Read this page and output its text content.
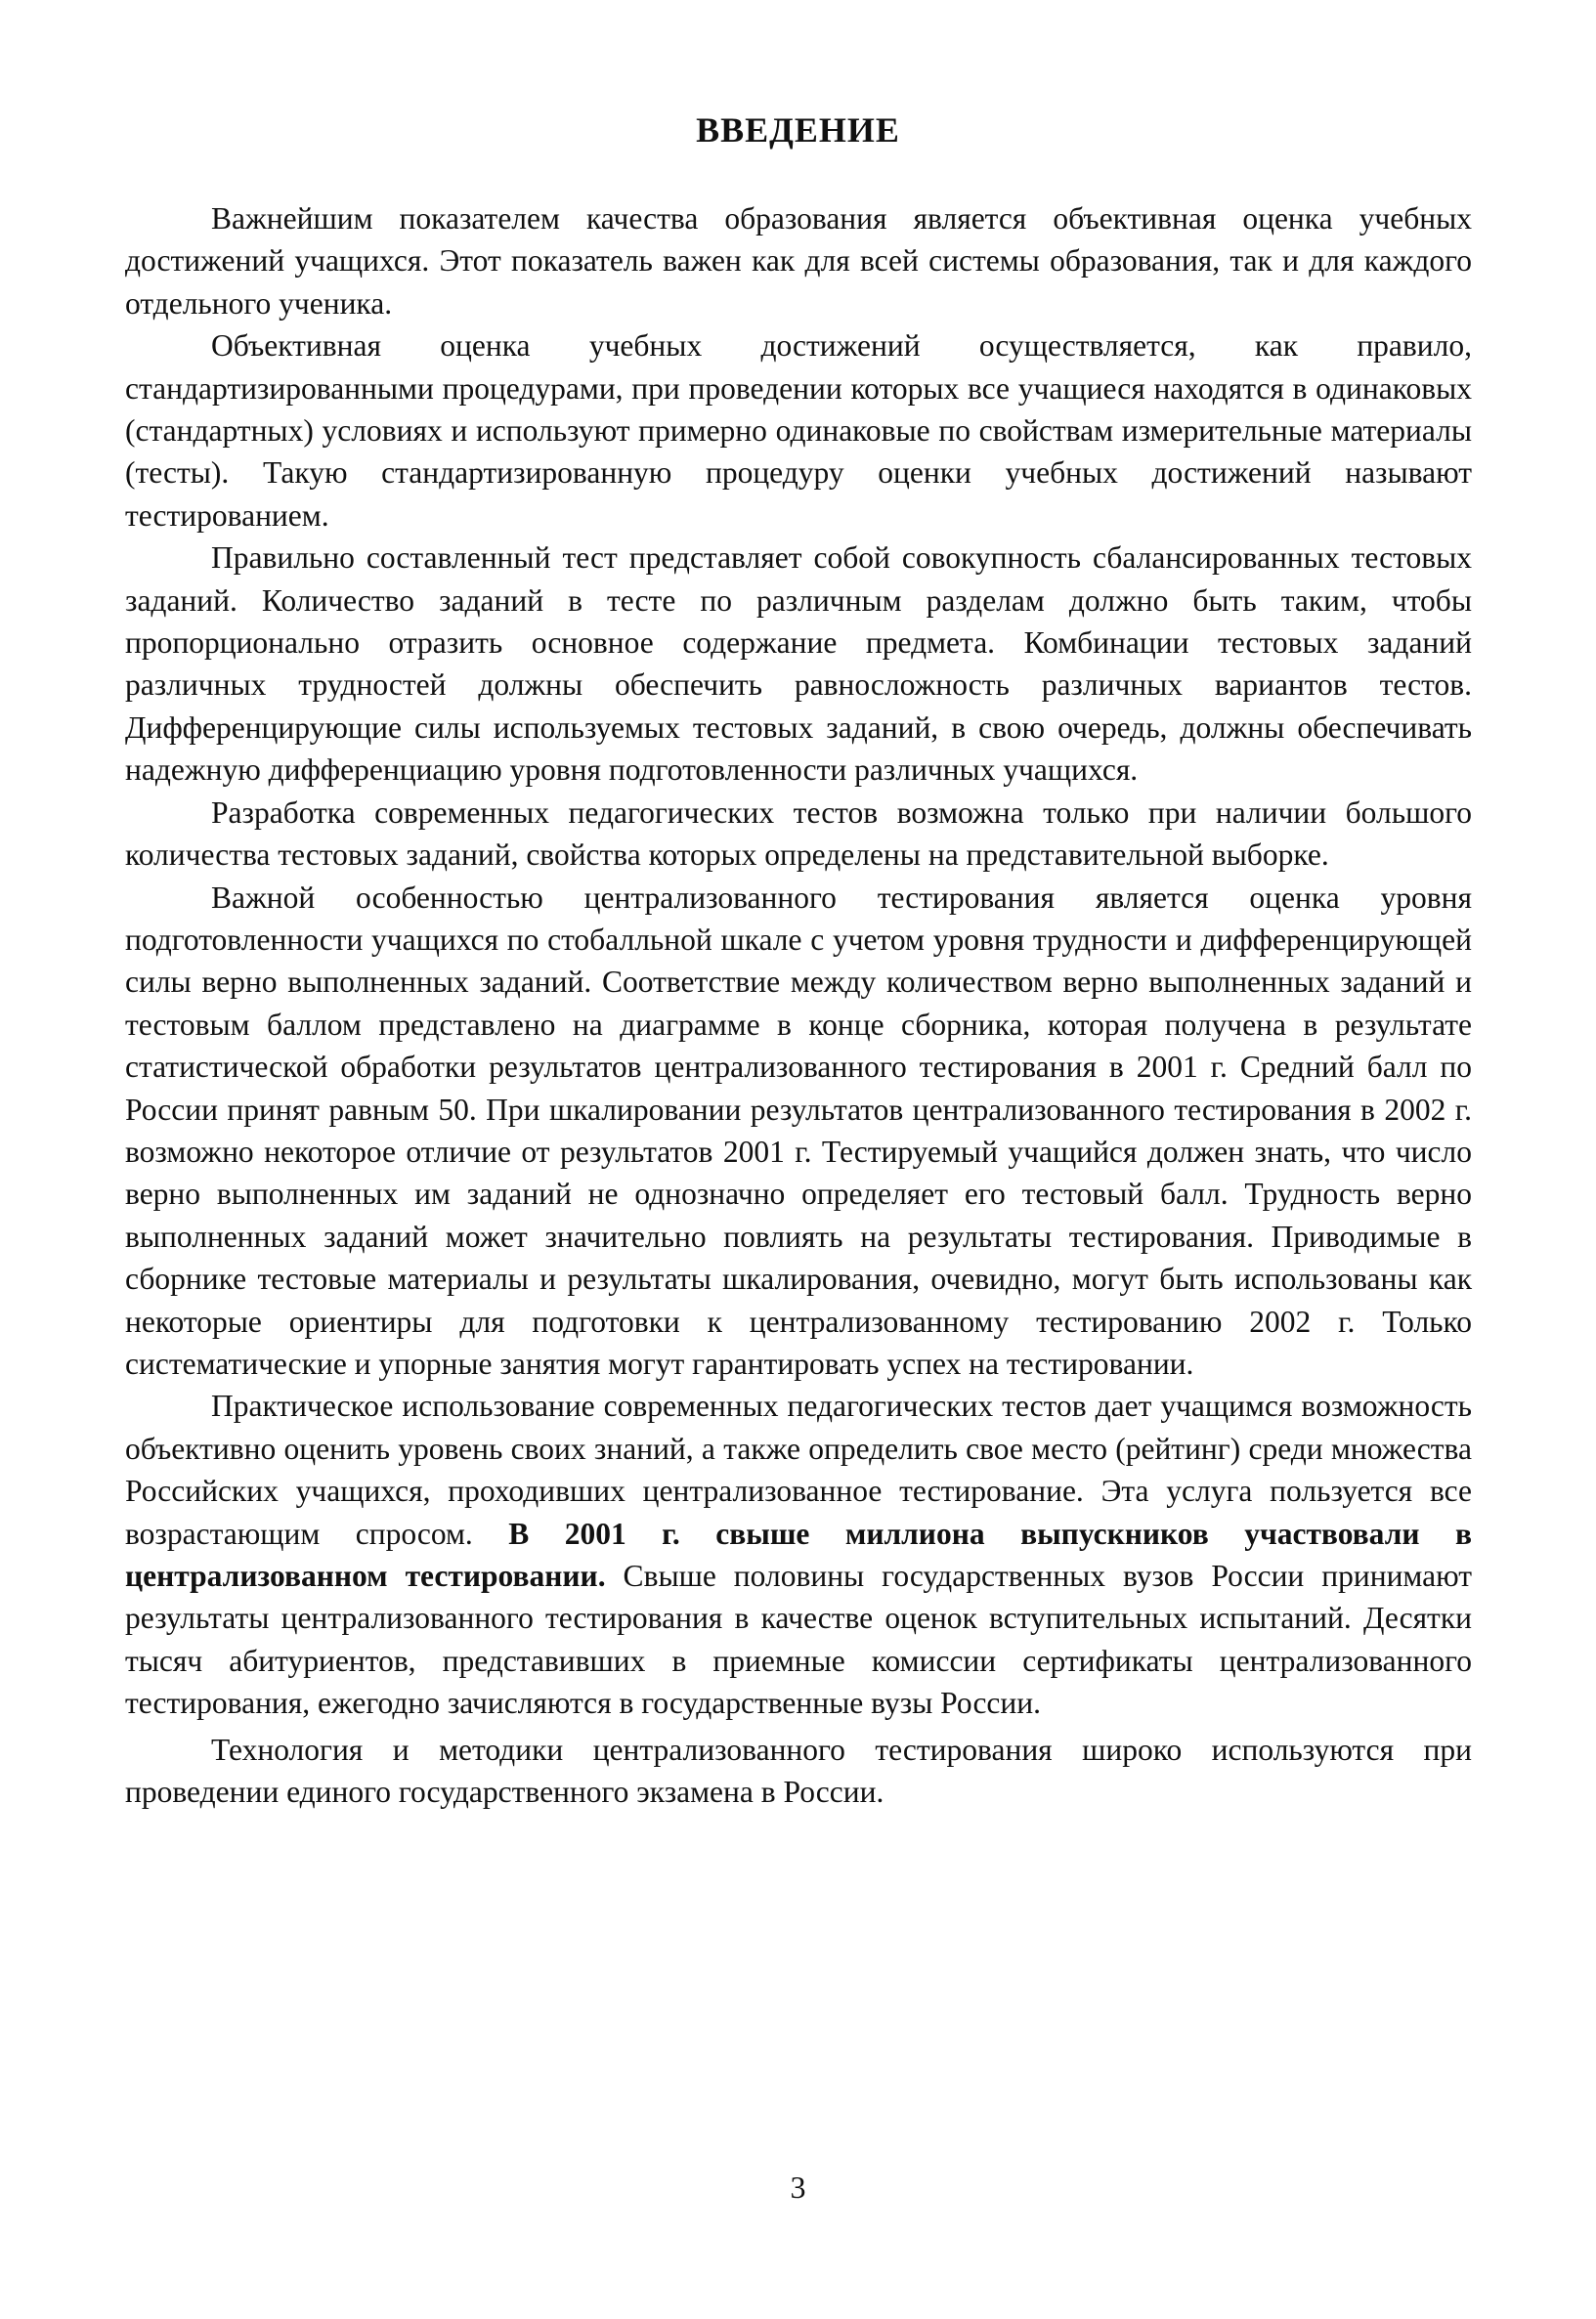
ВВЕДЕНИЕ

Важнейшим показателем качества образования является объективная оценка учебных достижений учащихся. Этот показатель важен как для всей системы образования, так и для каждого отдельного ученика.

Объективная оценка учебных достижений осуществляется, как правило, стандартизированными процедурами, при проведении которых все учащиеся находятся в одинаковых (стандартных) условиях и используют примерно одинаковые по свойствам измерительные материалы (тесты). Такую стандартизированную процедуру оценки учебных достижений называют тестированием.

Правильно составленный тест представляет собой совокупность сбалансированных тестовых заданий. Количество заданий в тесте по различным разделам должно быть таким, чтобы пропорционально отразить основное содержание предмета. Комбинации тестовых заданий различных трудностей должны обеспечить равносложность различных вариантов тестов. Дифференцирующие силы используемых тестовых заданий, в свою очередь, должны обеспечивать надежную дифференциацию уровня подготовленности различных учащихся.

Разработка современных педагогических тестов возможна только при наличии большого количества тестовых заданий, свойства которых определены на представительной выборке.

Важной особенностью централизованного тестирования является оценка уровня подготовленности учащихся по стобалльной шкале с учетом уровня трудности и дифференцирующей силы верно выполненных заданий. Соответствие между количеством верно выполненных заданий и тестовым баллом представлено на диаграмме в конце сборника, которая получена в результате статистической обработки результатов централизованного тестирования в 2001 г. Средний балл по России принят равным 50. При шкалировании результатов централизованного тестирования в 2002 г. возможно некоторое отличие от результатов 2001 г. Тестируемый учащийся должен знать, что число верно выполненных им заданий не однозначно определяет его тестовый балл. Трудность верно выполненных заданий может значительно повлиять на результаты тестирования. Приводимые в сборнике тестовые материалы и результаты шкалирования, очевидно, могут быть использованы как некоторые ориентиры для подготовки к централизованному тестированию 2002 г. Только систематические и упорные занятия могут гарантировать успех на тестировании.

Практическое использование современных педагогических тестов дает учащимся возможность объективно оценить уровень своих знаний, а также определить свое место (рейтинг) среди множества Российских учащихся, проходивших централизованное тестирование. Эта услуга пользуется все возрастающим спросом. В 2001 г. свыше миллиона выпускников участвовали в централизованном тестировании. Свыше половины государственных вузов России принимают результаты централизованного тестирования в качестве оценок вступительных испытаний. Десятки тысяч абитуриентов, представивших в приемные комиссии сертификаты централизованного тестирования, ежегодно зачисляются в государственные вузы России.

Технология и методики централизованного тестирования широко используются при проведении единого государственного экзамена в России.

3
